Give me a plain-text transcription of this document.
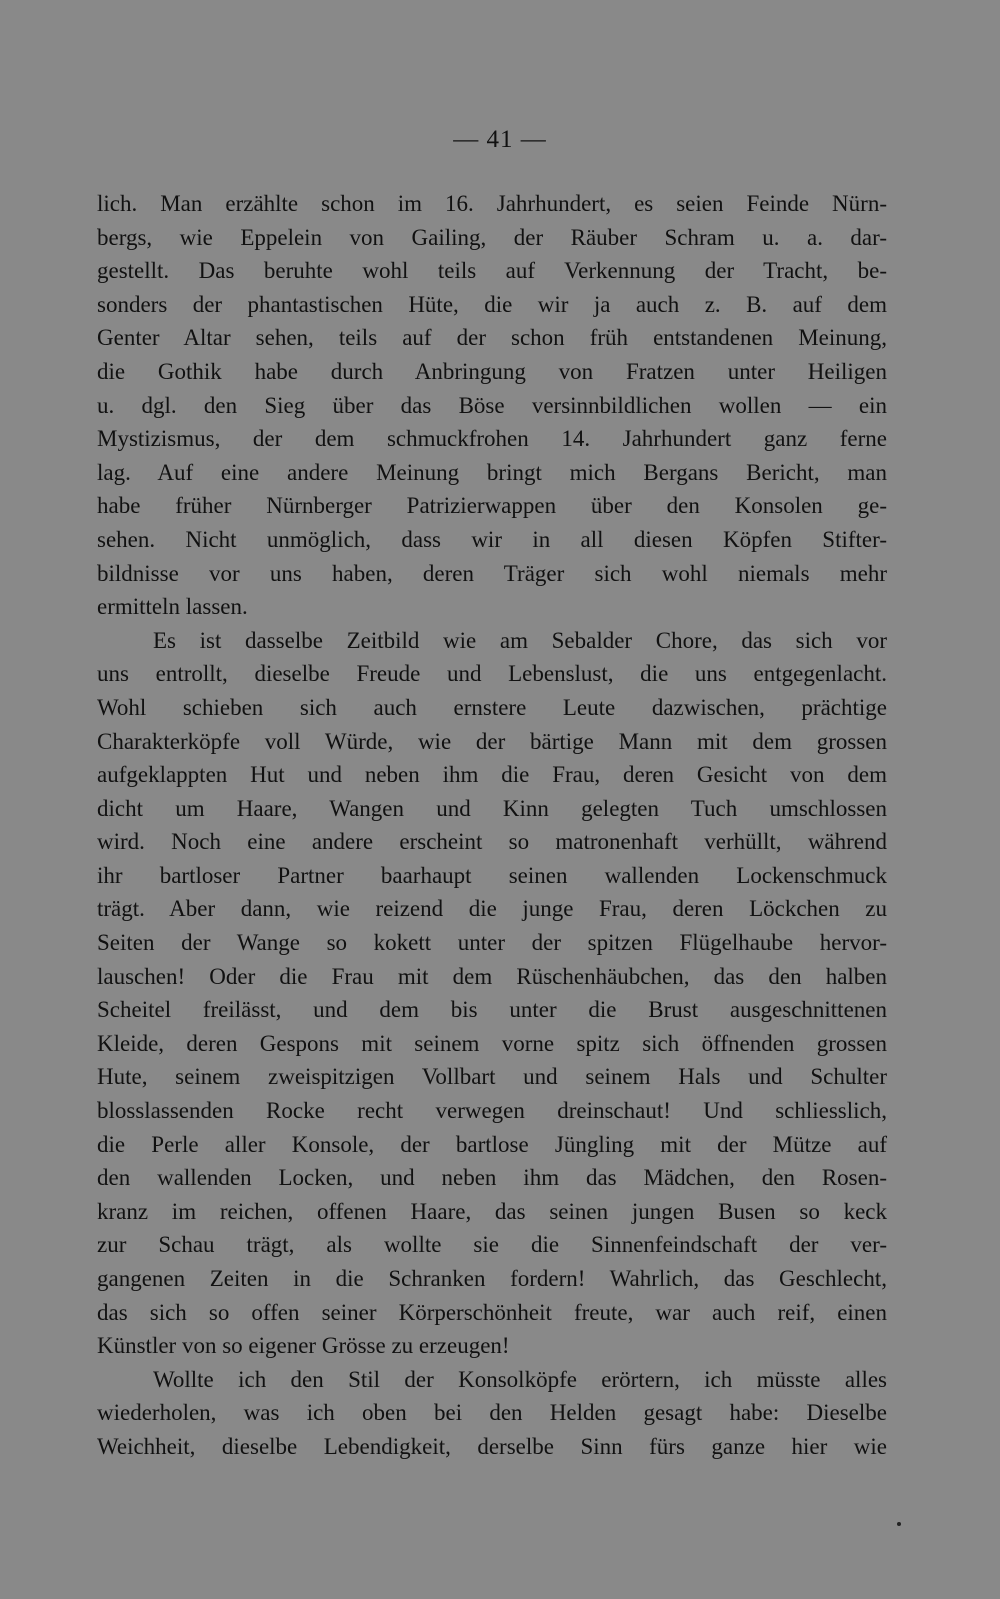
— 41 —
lich. Man erzählte schon im 16. Jahrhundert, es seien Feinde Nürn-
bergs, wie Eppelein von Gailing, der Räuber Schram u. a. dar-
gestellt. Das beruhte wohl teils auf Verkennung der Tracht, be-
sonders der phantastischen Hüte, die wir ja auch z. B. auf dem
Genter Altar sehen, teils auf der schon früh entstandenen Meinung,
die Gothik habe durch Anbringung von Fratzen unter Heiligen
u. dgl. den Sieg über das Böse versinnbildlichen wollen — ein
Mystizismus, der dem schmuckfrohen 14. Jahrhundert ganz ferne
lag. Auf eine andere Meinung bringt mich Bergans Bericht, man
habe früher Nürnberger Patrizierwappen über den Konsolen ge-
sehen. Nicht unmöglich, dass wir in all diesen Köpfen Stifter-
bildnisse vor uns haben, deren Träger sich wohl niemals mehr
ermitteln lassen.
Es ist dasselbe Zeitbild wie am Sebalder Chore, das sich vor
uns entrollt, dieselbe Freude und Lebenslust, die uns entgegenlacht.
Wohl schieben sich auch ernstere Leute dazwischen, prächtige
Charakterköpfe voll Würde, wie der bärtige Mann mit dem grossen
aufgeklappten Hut und neben ihm die Frau, deren Gesicht von dem
dicht um Haare, Wangen und Kinn gelegten Tuch umschlossen
wird. Noch eine andere erscheint so matronenhaft verhüllt, während
ihr bartloser Partner baarhaupt seinen wallenden Lockenschmuck
trägt. Aber dann, wie reizend die junge Frau, deren Löckchen zu
Seiten der Wange so kokett unter der spitzen Flügelhaube hervor-
lauschen! Oder die Frau mit dem Rüschenhäubchen, das den halben
Scheitel freilässt, und dem bis unter die Brust ausgeschnittenen
Kleide, deren Gespons mit seinem vorne spitz sich öffnenden grossen
Hute, seinem zweispitzigen Vollbart und seinem Hals und Schulter
blosslassenden Rocke recht verwegen dreinschaut! Und schliesslich,
die Perle aller Konsole, der bartlose Jüngling mit der Mütze auf
den wallenden Locken, und neben ihm das Mädchen, den Rosen-
kranz im reichen, offenen Haare, das seinen jungen Busen so keck
zur Schau trägt, als wollte sie die Sinnenfeindschaft der ver-
gangenen Zeiten in die Schranken fordern! Wahrlich, das Geschlecht,
das sich so offen seiner Körperschönheit freute, war auch reif, einen
Künstler von so eigener Grösse zu erzeugen!
Wollte ich den Stil der Konsolköpfe erörtern, ich müsste alles
wiederholen, was ich oben bei den Helden gesagt habe: Dieselbe
Weichheit, dieselbe Lebendigkeit, derselbe Sinn fürs ganze hier wie
